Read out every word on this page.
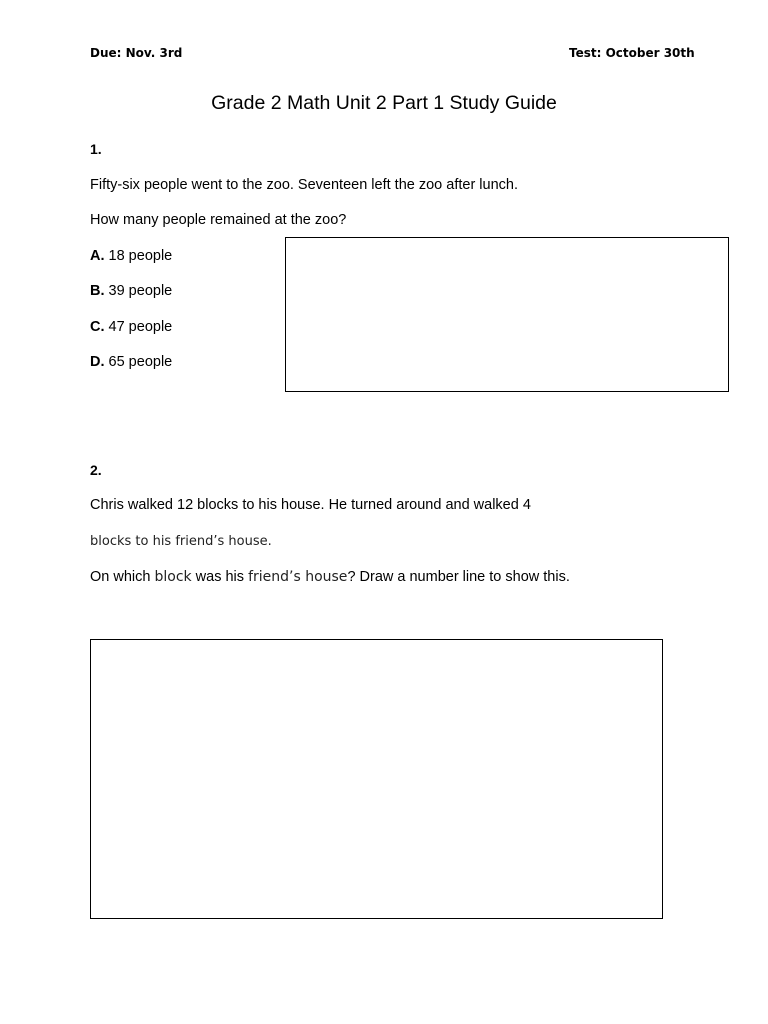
Due: Nov. 3rd	Test: October 30th

Grade 2 Math Unit 2 Part 1 Study Guide

1.

Fifty-six people went to the zoo. Seventeen left the zoo after lunch.

How many people remained at the zoo?

A. 18 people

B. 39 people

C. 47 people

D. 65 people

2.

Chris walked 12 blocks to his house. He turned around and walked 4

blocks to his friend’s house.

On which block was his friend’s house? Draw a number line to show this.
